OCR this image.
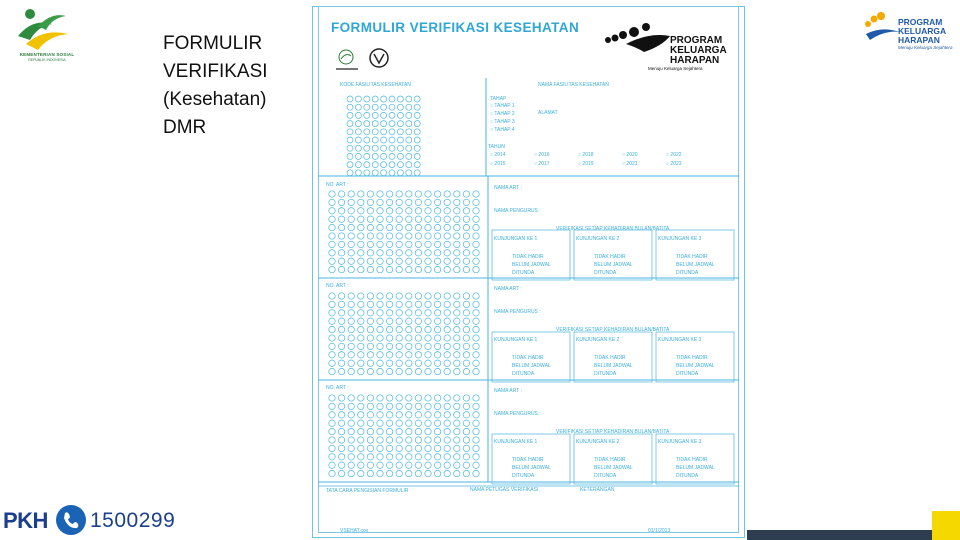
KEMENTERIAN SOSIAL
REPUBLIK INDONESIA
FORMULIR
VERIFIKASI
(Kesehatan)
DMR
PROGRAM
KELUARGA
HARAPAN
Menuju Keluarga Sejahtera
PKH 1500299
FORMULIR VERIFIKASI KESEHATAN
PROGRAM
KELUARGA
HARAPAN
Menuju Keluarga Sejahtera
KODE FASILITAS KESEHATAN	NAMA FASILITAS KESEHATAN
TAHAP
ALAMAT
TAHUN
○ TAHAP 1
○ TAHAP 2
○ TAHAP 3
○ TAHAP 4
○ 2014
○ 2015
○ 2016
○ 2017
○ 2018
○ 2019
○ 2020
○ 2021
○ 2022
○ 2023
NO. ART :	NAMA ART :
NAMA PENGURUS :
VERIFIKASI SETIAP KEHADIRAN BULAN/BATITA
KUNJUNGAN KE 1
TIDAK HADIR
BELUM JADWAL
DITUNDA
KUNJUNGAN KE 2
TIDAK HADIR
BELUM JADWAL
DITUNDA
KUNJUNGAN KE 3
TIDAK HADIR
BELUM JADWAL
DITUNDA
NO. ART :	NAMA ART :
NAMA PENGURUS :
VERIFIKASI SETIAP KEHADIRAN BULAN/BATITA
KUNJUNGAN KE 1
TIDAK HADIR
BELUM JADWAL
DITUNDA
KUNJUNGAN KE 2
TIDAK HADIR
BELUM JADWAL
DITUNDA
KUNJUNGAN KE 3
TIDAK HADIR
BELUM JADWAL
DITUNDA
NO. ART :	NAMA ART :
NAMA PENGURUS :
VERIFIKASI SETIAP KEHADIRAN BULAN/BATITA
KUNJUNGAN KE 1
TIDAK HADIR
BELUM JADWAL
DITUNDA
KUNJUNGAN KE 2
TIDAK HADIR
BELUM JADWAL
DITUNDA
KUNJUNGAN KE 3
TIDAK HADIR
BELUM JADWAL
DITUNDA
TATA CARA PENGISIAN FORMULIR	NAMA PETUGAS VERIFIKASI	KETERANGAN
VSEHAT.cov	01/1/2013
